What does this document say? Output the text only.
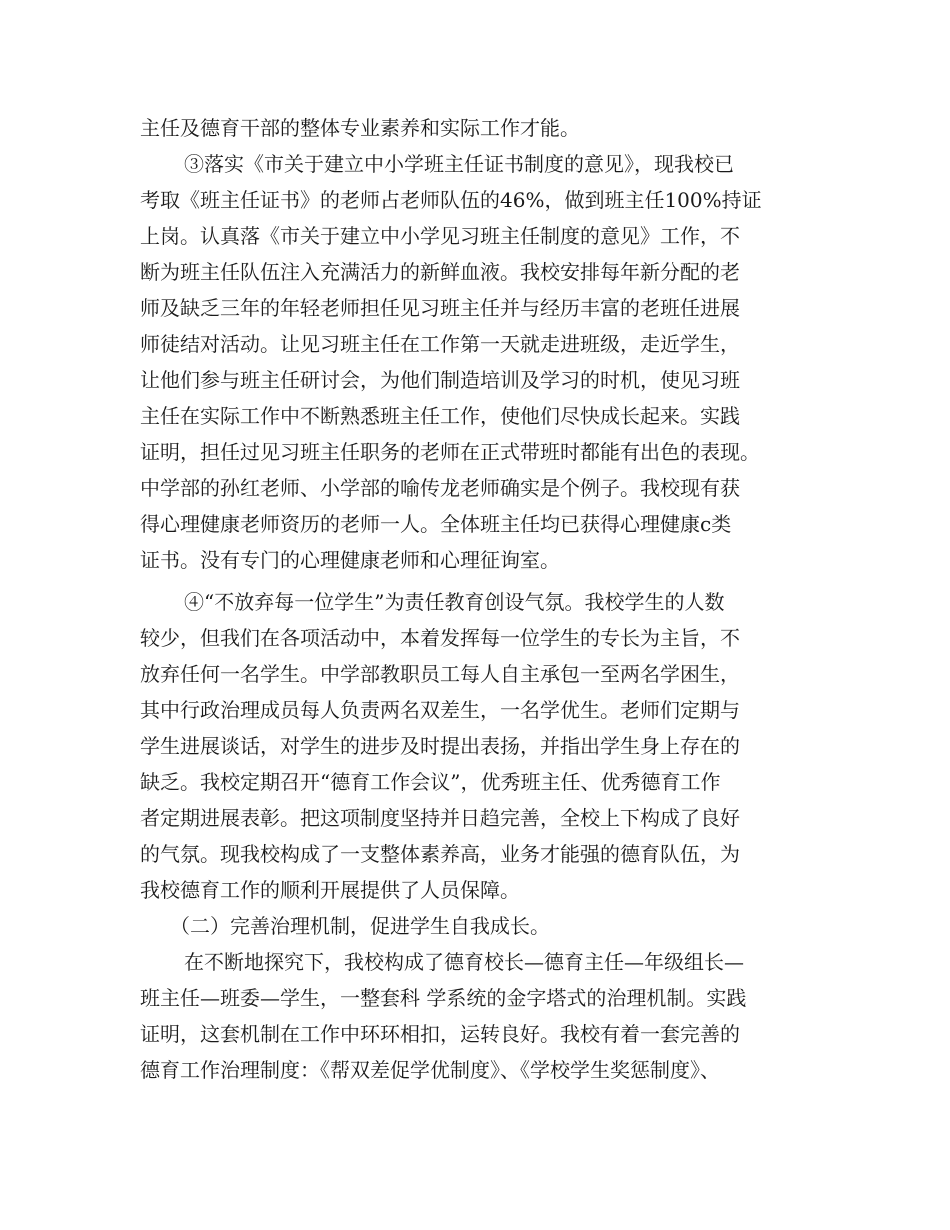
主任及德育干部的整体专业素养和实际工作才能。
③落实《市关于建立中小学班主任证书制度的意见》，现我校已
考取《班主任证书》的老师占老师队伍的46%，做到班主任100%持证
上岗。认真落《市关于建立中小学见习班主任制度的意见》工作，不
断为班主任队伍注入充满活力的新鲜血液。我校安排每年新分配的老
师及缺乏三年的年轻老师担任见习班主任并与经历丰富的老班任进展
师徒结对活动。让见习班主任在工作第一天就走进班级，走近学生，
让他们参与班主任研讨会，为他们制造培训及学习的时机，使见习班
主任在实际工作中不断熟悉班主任工作，使他们尽快成长起来。实践
证明，担任过见习班主任职务的老师在正式带班时都能有出色的表现。
中学部的孙红老师、小学部的喻传龙老师确实是个例子。我校现有获
得心理健康老师资历的老师一人。全体班主任均已获得心理健康c类
证书。没有专门的心理健康老师和心理征询室。
④“不放弃每一位学生”为责任教育创设气氛。我校学生的人数
较少，但我们在各项活动中，本着发挥每一位学生的专长为主旨，不
放弃任何一名学生。中学部教职员工每人自主承包一至两名学困生，
其中行政治理成员每人负责两名双差生，一名学优生。老师们定期与
学生进展谈话，对学生的进步及时提出表扬，并指出学生身上存在的
缺乏。我校定期召开“德育工作会议”，优秀班主任、优秀德育工作
者定期进展表彰。把这项制度坚持并日趋完善，全校上下构成了良好
的气氛。现我校构成了一支整体素养高，业务才能强的德育队伍，为
我校德育工作的顺利开展提供了人员保障。
（二）完善治理机制，促进学生自我成长。
在不断地探究下，我校构成了德育校长—德育主任—年级组长—
班主任—班委—学生，一整套科 学系统的金字塔式的治理机制。实践
证明，这套机制在工作中环环相扣，运转良好。我校有着一套完善的
德育工作治理制度：《帮双差促学优制度》、《学校学生奖惩制度》、
